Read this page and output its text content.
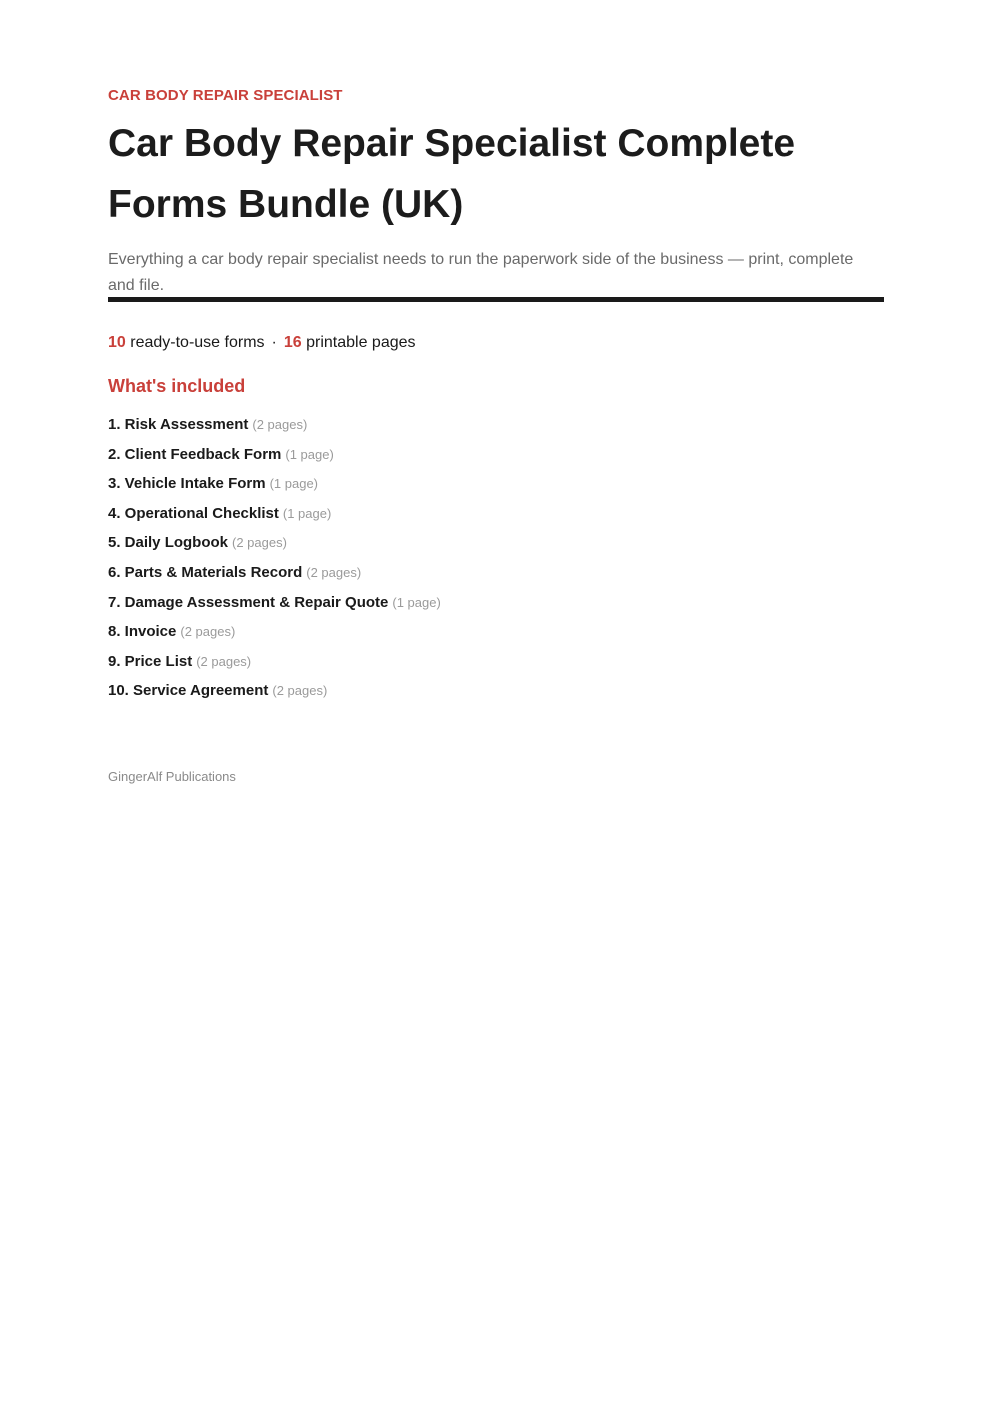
CAR BODY REPAIR SPECIALIST
Car Body Repair Specialist Complete Forms Bundle (UK)

Everything a car body repair specialist needs to run the paperwork side of the business — print, complete and file.

10 ready-to-use forms · 16 printable pages
What's included
1. Risk Assessment (2 pages)
2. Client Feedback Form (1 page)
3. Vehicle Intake Form (1 page)
4. Operational Checklist (1 page)
5. Daily Logbook (2 pages)
6. Parts & Materials Record (2 pages)
7. Damage Assessment & Repair Quote (1 page)
8. Invoice (2 pages)
9. Price List (2 pages)
10. Service Agreement (2 pages)
GingerAlf Publications
